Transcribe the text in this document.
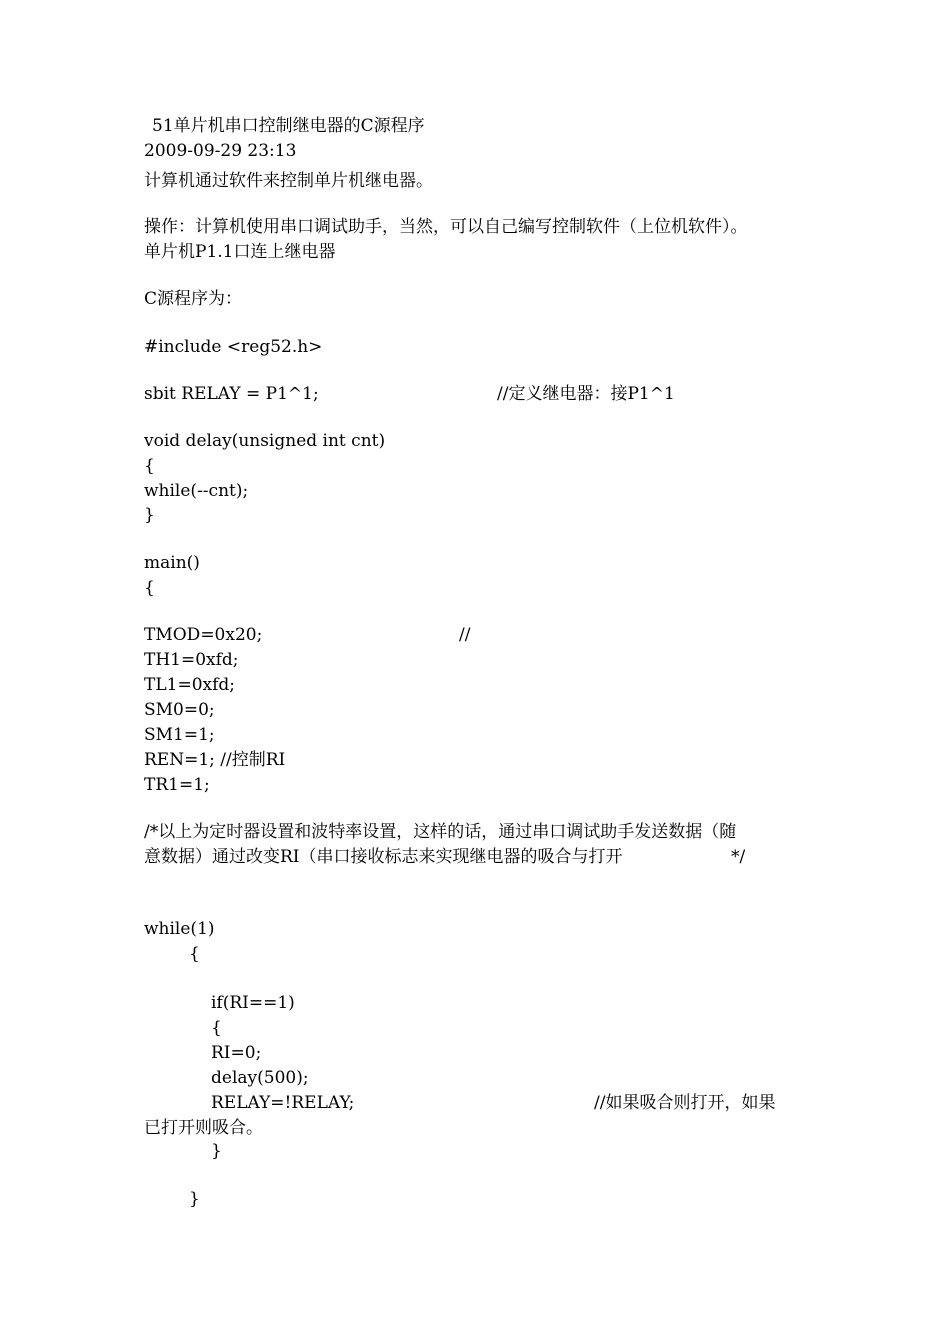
51单片机串口控制继电器的C源程序
2009-09-29 23:13
计算机通过软件来控制单片机继电器。
操作：计算机使用串口调试助手，当然，可以自己编写控制软件（上位机软件）。
单片机P1.1口连上继电器
C源程序为：
#include <reg52.h>
sbit RELAY = P1^1;	//定义继电器：接P1^1
void delay(unsigned int cnt)
{
while(--cnt);
}
main()
{
TMOD=0x20;	//
TH1=0xfd;
TL1=0xfd;
SM0=0;
SM1=1;
REN=1; //控制RI
TR1=1;
/*以上为定时器设置和波特率设置，这样的话，通过串口调试助手发送数据（随
意数据）通过改变RI（串口接收标志来实现继电器的吸合与打开	*/
while(1)
{
if(RI==1)
{
RI=0;
delay(500);
RELAY=!RELAY;	//如果吸合则打开，如果
已打开则吸合。
}
}
